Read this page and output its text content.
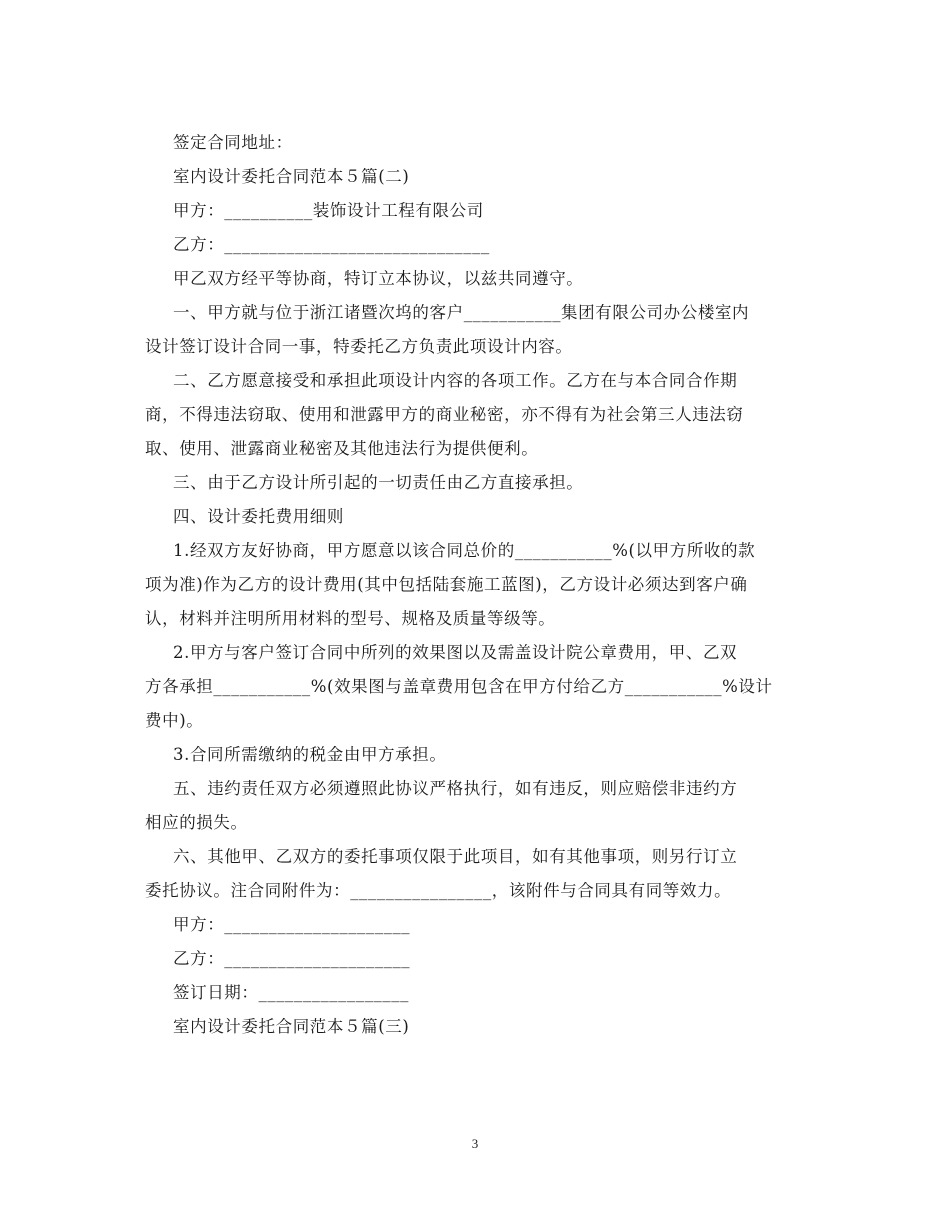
签定合同地址：
室内设计委托合同范本５篇(二)
甲方：__________装饰设计工程有限公司
乙方：______________________________
甲乙双方经平等协商，特订立本协议，以兹共同遵守。
一、甲方就与位于浙江诸暨次坞的客户___________集团有限公司办公楼室内
设计签订设计合同一事，特委托乙方负责此项设计内容。
二、乙方愿意接受和承担此项设计内容的各项工作。乙方在与本合同合作期
商，不得违法窃取、使用和泄露甲方的商业秘密，亦不得有为社会第三人违法窃
取、使用、泄露商业秘密及其他违法行为提供便利。
三、由于乙方设计所引起的一切责任由乙方直接承担。
四、设计委托费用细则
1.经双方友好协商，甲方愿意以该合同总价的___________%(以甲方所收的款
项为准)作为乙方的设计费用(其中包括陆套施工蓝图)，乙方设计必须达到客户确
认，材料并注明所用材料的型号、规格及质量等级等。
2.甲方与客户签订合同中所列的效果图以及需盖设计院公章费用，甲、乙双
方各承担___________%(效果图与盖章费用包含在甲方付给乙方___________%设计
费中)。
3.合同所需缴纳的税金由甲方承担。
五、违约责任双方必须遵照此协议严格执行，如有违反，则应赔偿非违约方
相应的损失。
六、其他甲、乙双方的委托事项仅限于此项目，如有其他事项，则另行订立
委托协议。注合同附件为：________________，该附件与合同具有同等效力。
甲方：_____________________
乙方：_____________________
签订日期：_________________
室内设计委托合同范本５篇(三)
3
